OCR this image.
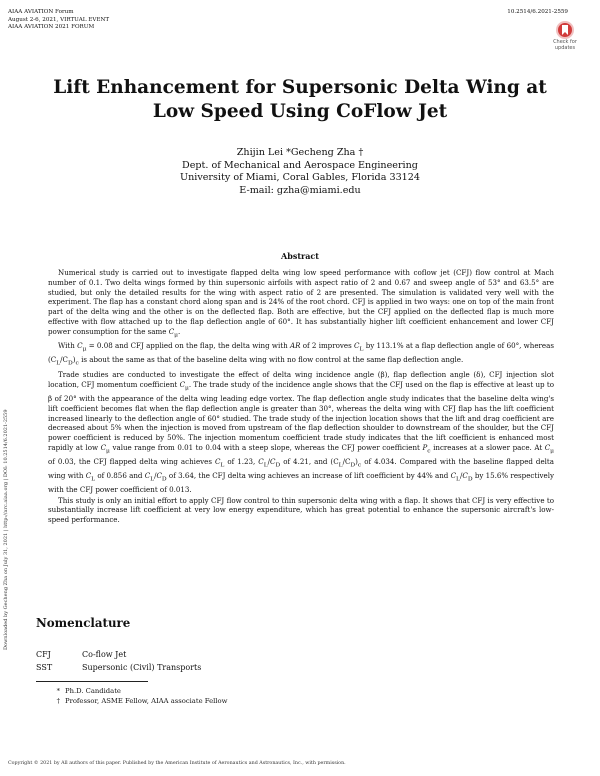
AIAA AVIATION Forum
August 2-6, 2021, VIRTUAL EVENT
AIAA AVIATION 2021 FORUM
10.2514/6.2021-2559
Check for
updates
Downloaded by Gecheng Zha on July 31, 2021 | http://arc.aiaa.org | DOI: 10.2514/6.2021-2559
Lift Enhancement for Supersonic Delta Wing at Low Speed Using CoFlow Jet
Zhijin Lei *Gecheng Zha †
Dept. of Mechanical and Aerospace Engineering
University of Miami, Coral Gables, Florida 33124
E-mail: gzha@miami.edu
Abstract

Numerical study is carried out to investigate flapped delta wing low speed performance with coflow jet (CFJ) flow control at Mach number of 0.1. Two delta wings formed by thin supersonic airfoils with aspect ratio of 2 and 0.67 and sweep angle of 53° and 63.5° are studied, but only the detailed results for the wing with aspect ratio of 2 are presented. The simulation is validated very well with the experiment. The flap has a constant chord along span and is 24% of the root chord. CFJ is applied in two ways: one on top of the main front part of the delta wing and the other is on the deflected flap. Both are effective, but the CFJ applied on the deflected flap is much more effective with flow attached up to the flap deflection angle of 60°. It has substantially higher lift coefficient enhancement and lower CFJ power consumption for the same $C_\mu$.

With $C_\mu = 0.08$ and CFJ applied on the flap, the delta wing with AR of 2 improves $C_L$ by 113.1% at a flap deflection angle of 60°, whereas $(C_L/C_D)_c$ is about the same as that of the baseline delta wing with no flow control at the same flap deflection angle.

Trade studies are conducted to investigate the effect of delta wing incidence angle (β), flap deflection angle (δ), CFJ injection slot location, CFJ momentum coefficient $C_\mu$. The trade study of the incidence angle shows that the CFJ used on the flap is effective at least up to β of 20° with the appearance of the delta wing leading edge vortex. The flap deflection angle study indicates that the baseline delta wing's lift coefficient becomes flat when the flap deflection angle is greater than 30°, whereas the delta wing with CFJ flap has the lift coefficient increased linearly to the deflection angle of 60° studied. The trade study of the injection location shows that the lift and drag coefficient are decreased about 5% when the injection is moved from upstream of the flap deflection shoulder to downstream of the shoulder, but the CFJ power coefficient is reduced by 50%. The injection momentum coefficient trade study indicates that the lift coefficient is enhanced most rapidly at low $C_\mu$ value range from 0.01 to 0.04 with a steep slope, whereas the CFJ power coefficient $P_c$ increases at a slower pace. At $C_\mu$ of 0.03, the CFJ flapped delta wing achieves $C_L$ of 1.23, $C_L/C_D$ of 4.21, and $(C_L/C_D)_c$ of 4.034. Compared with the baseline flapped delta wing with $C_L$ of 0.856 and $C_L/C_D$ of 3.64, the CFJ delta wing achieves an increase of lift coefficient by 44% and $C_L/C_D$ by 15.6% respectively with the CFJ power coefficient of 0.013.

This study is only an initial effort to apply CFJ flow control to thin supersonic delta wing with a flap. It shows that CFJ is very effective to substantially increase lift coefficient at very low energy expenditure, which has great potential to enhance the supersonic aircraft's low-speed performance.

Nomenclature
CFJ	Co-flow Jet
SST	Supersonic (Civil) Transports
* Ph.D. Candidate
† Professor, ASME Fellow, AIAA associate Fellow
Copyright © 2021 by All authors of this paper. Published by the American Institute of Aeronautics and Astronautics, Inc., with permission.
